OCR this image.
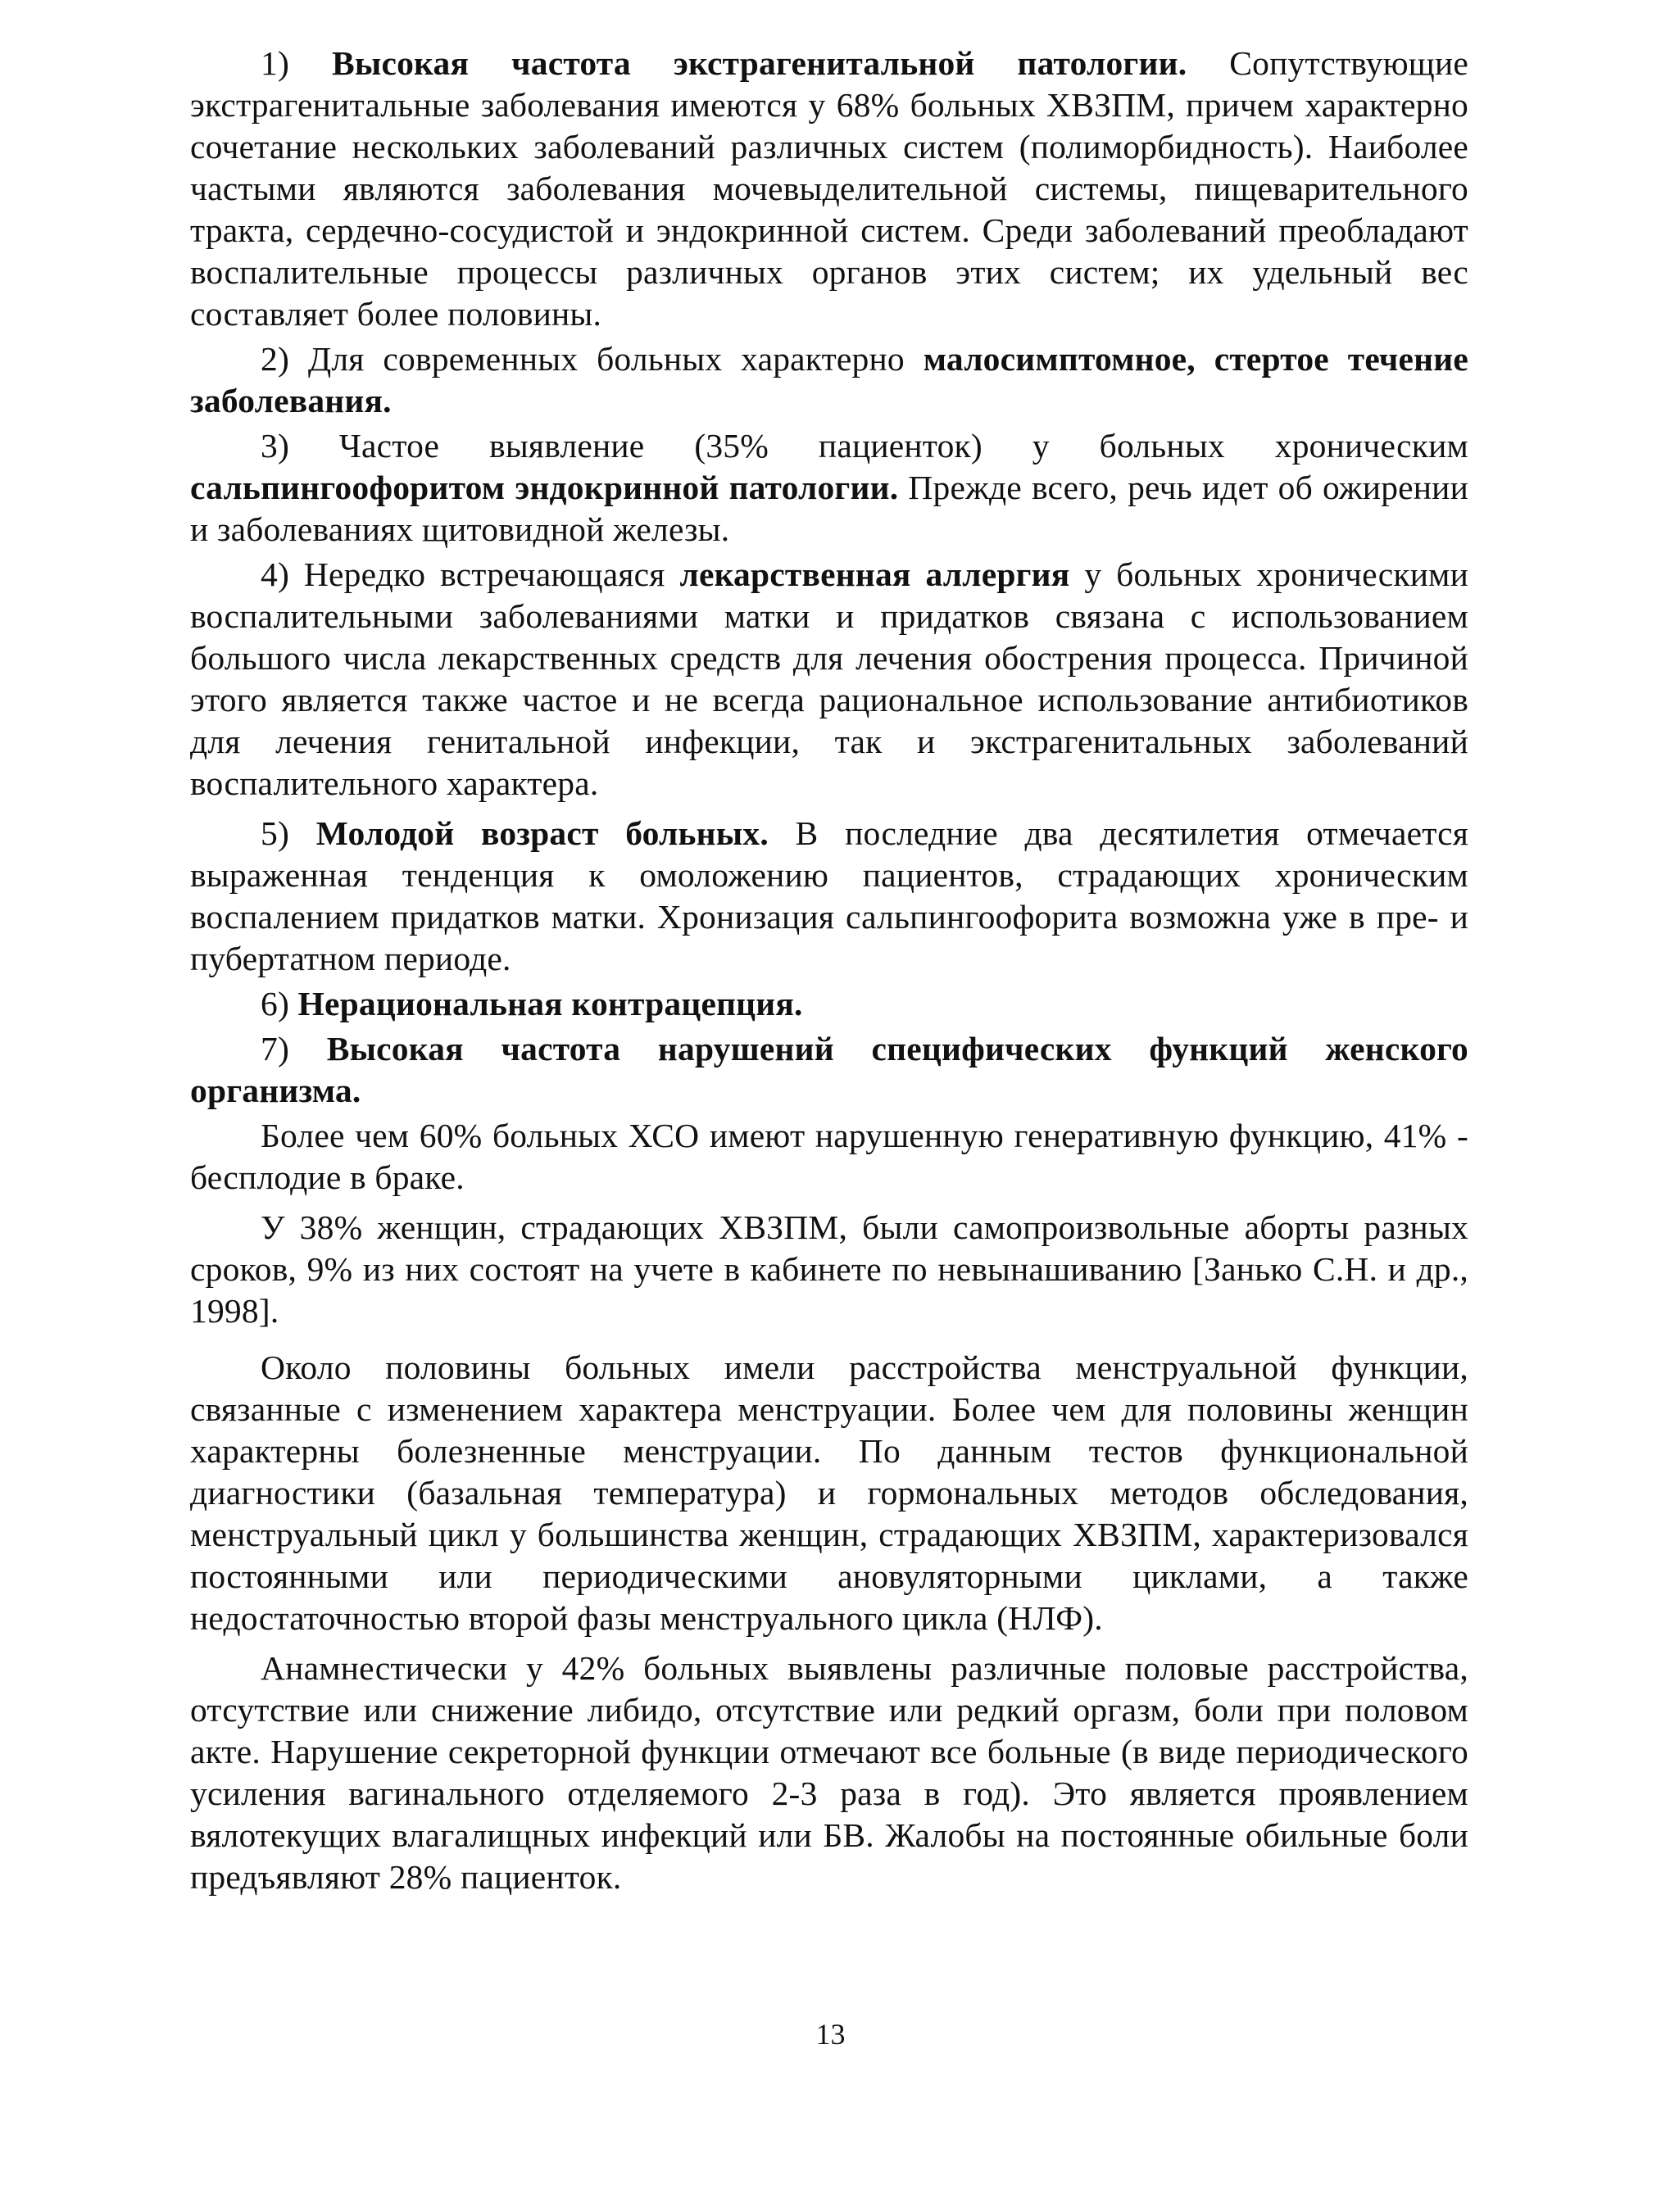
1) Высокая частота экстрагенитальной патологии. Сопутствующие экстрагенитальные заболевания имеются у 68% больных ХВЗПМ, причем характерно сочетание нескольких заболеваний различных систем (полиморбидность). Наиболее частыми являются заболевания мочевыделительной системы, пищеварительного тракта, сердечно-сосудистой и эндокринной систем. Среди заболеваний преобладают воспалительные процессы различных органов этих систем; их удельный вес составляет более половины.

2) Для современных больных характерно малосимптомное, стертое течение заболевания.

3) Частое выявление (35% пациенток) у больных хроническим сальпингоофоритом эндокринной патологии. Прежде всего, речь идет об ожирении и заболеваниях щитовидной железы.

4) Нередко встречающаяся лекарственная аллергия у больных хроническими воспалительными заболеваниями матки и придатков связана с использованием большого числа лекарственных средств для лечения обострения процесса. Причиной этого является также частое и не всегда рациональное использование антибиотиков для лечения генитальной инфекции, так и экстрагенитальных заболеваний воспалительного характера.

5) Молодой возраст больных. В последние два десятилетия отмечается выраженная тенденция к омоложению пациентов, страдающих хроническим воспалением придатков матки. Хронизация сальпингоофорита возможна уже в пре- и пубертатном периоде.

6) Нерациональная контрацепция.

7) Высокая частота нарушений специфических функций женского организма.

Более чем 60% больных ХСО имеют нарушенную генеративную функцию, 41% - бесплодие в браке.

У 38% женщин, страдающих ХВЗПМ, были самопроизвольные аборты разных сроков, 9% из них состоят на учете в кабинете по невынашиванию [Занько С.Н. и др., 1998].

Около половины больных имели расстройства менструальной функции, связанные с изменением характера менструации. Более чем для половины женщин характерны болезненные менструации. По данным тестов функциональной диагностики (базальная температура) и гормональных методов обследования, менструальный цикл у большинства женщин, страдающих ХВЗПМ, характеризовался постоянными или периодическими ановуляторными циклами, а также недостаточностью второй фазы менструального цикла (НЛФ).

Анамнестически у 42% больных выявлены различные половые расстройства, отсутствие или снижение либидо, отсутствие или редкий оргазм, боли при половом акте. Нарушение секреторной функции отмечают все больные (в виде периодического усиления вагинального отделяемого 2-3 раза в год). Это является проявлением вялотекущих влагалищных инфекций или БВ. Жалобы на постоянные обильные боли предъявляют 28% пациенток.

13
